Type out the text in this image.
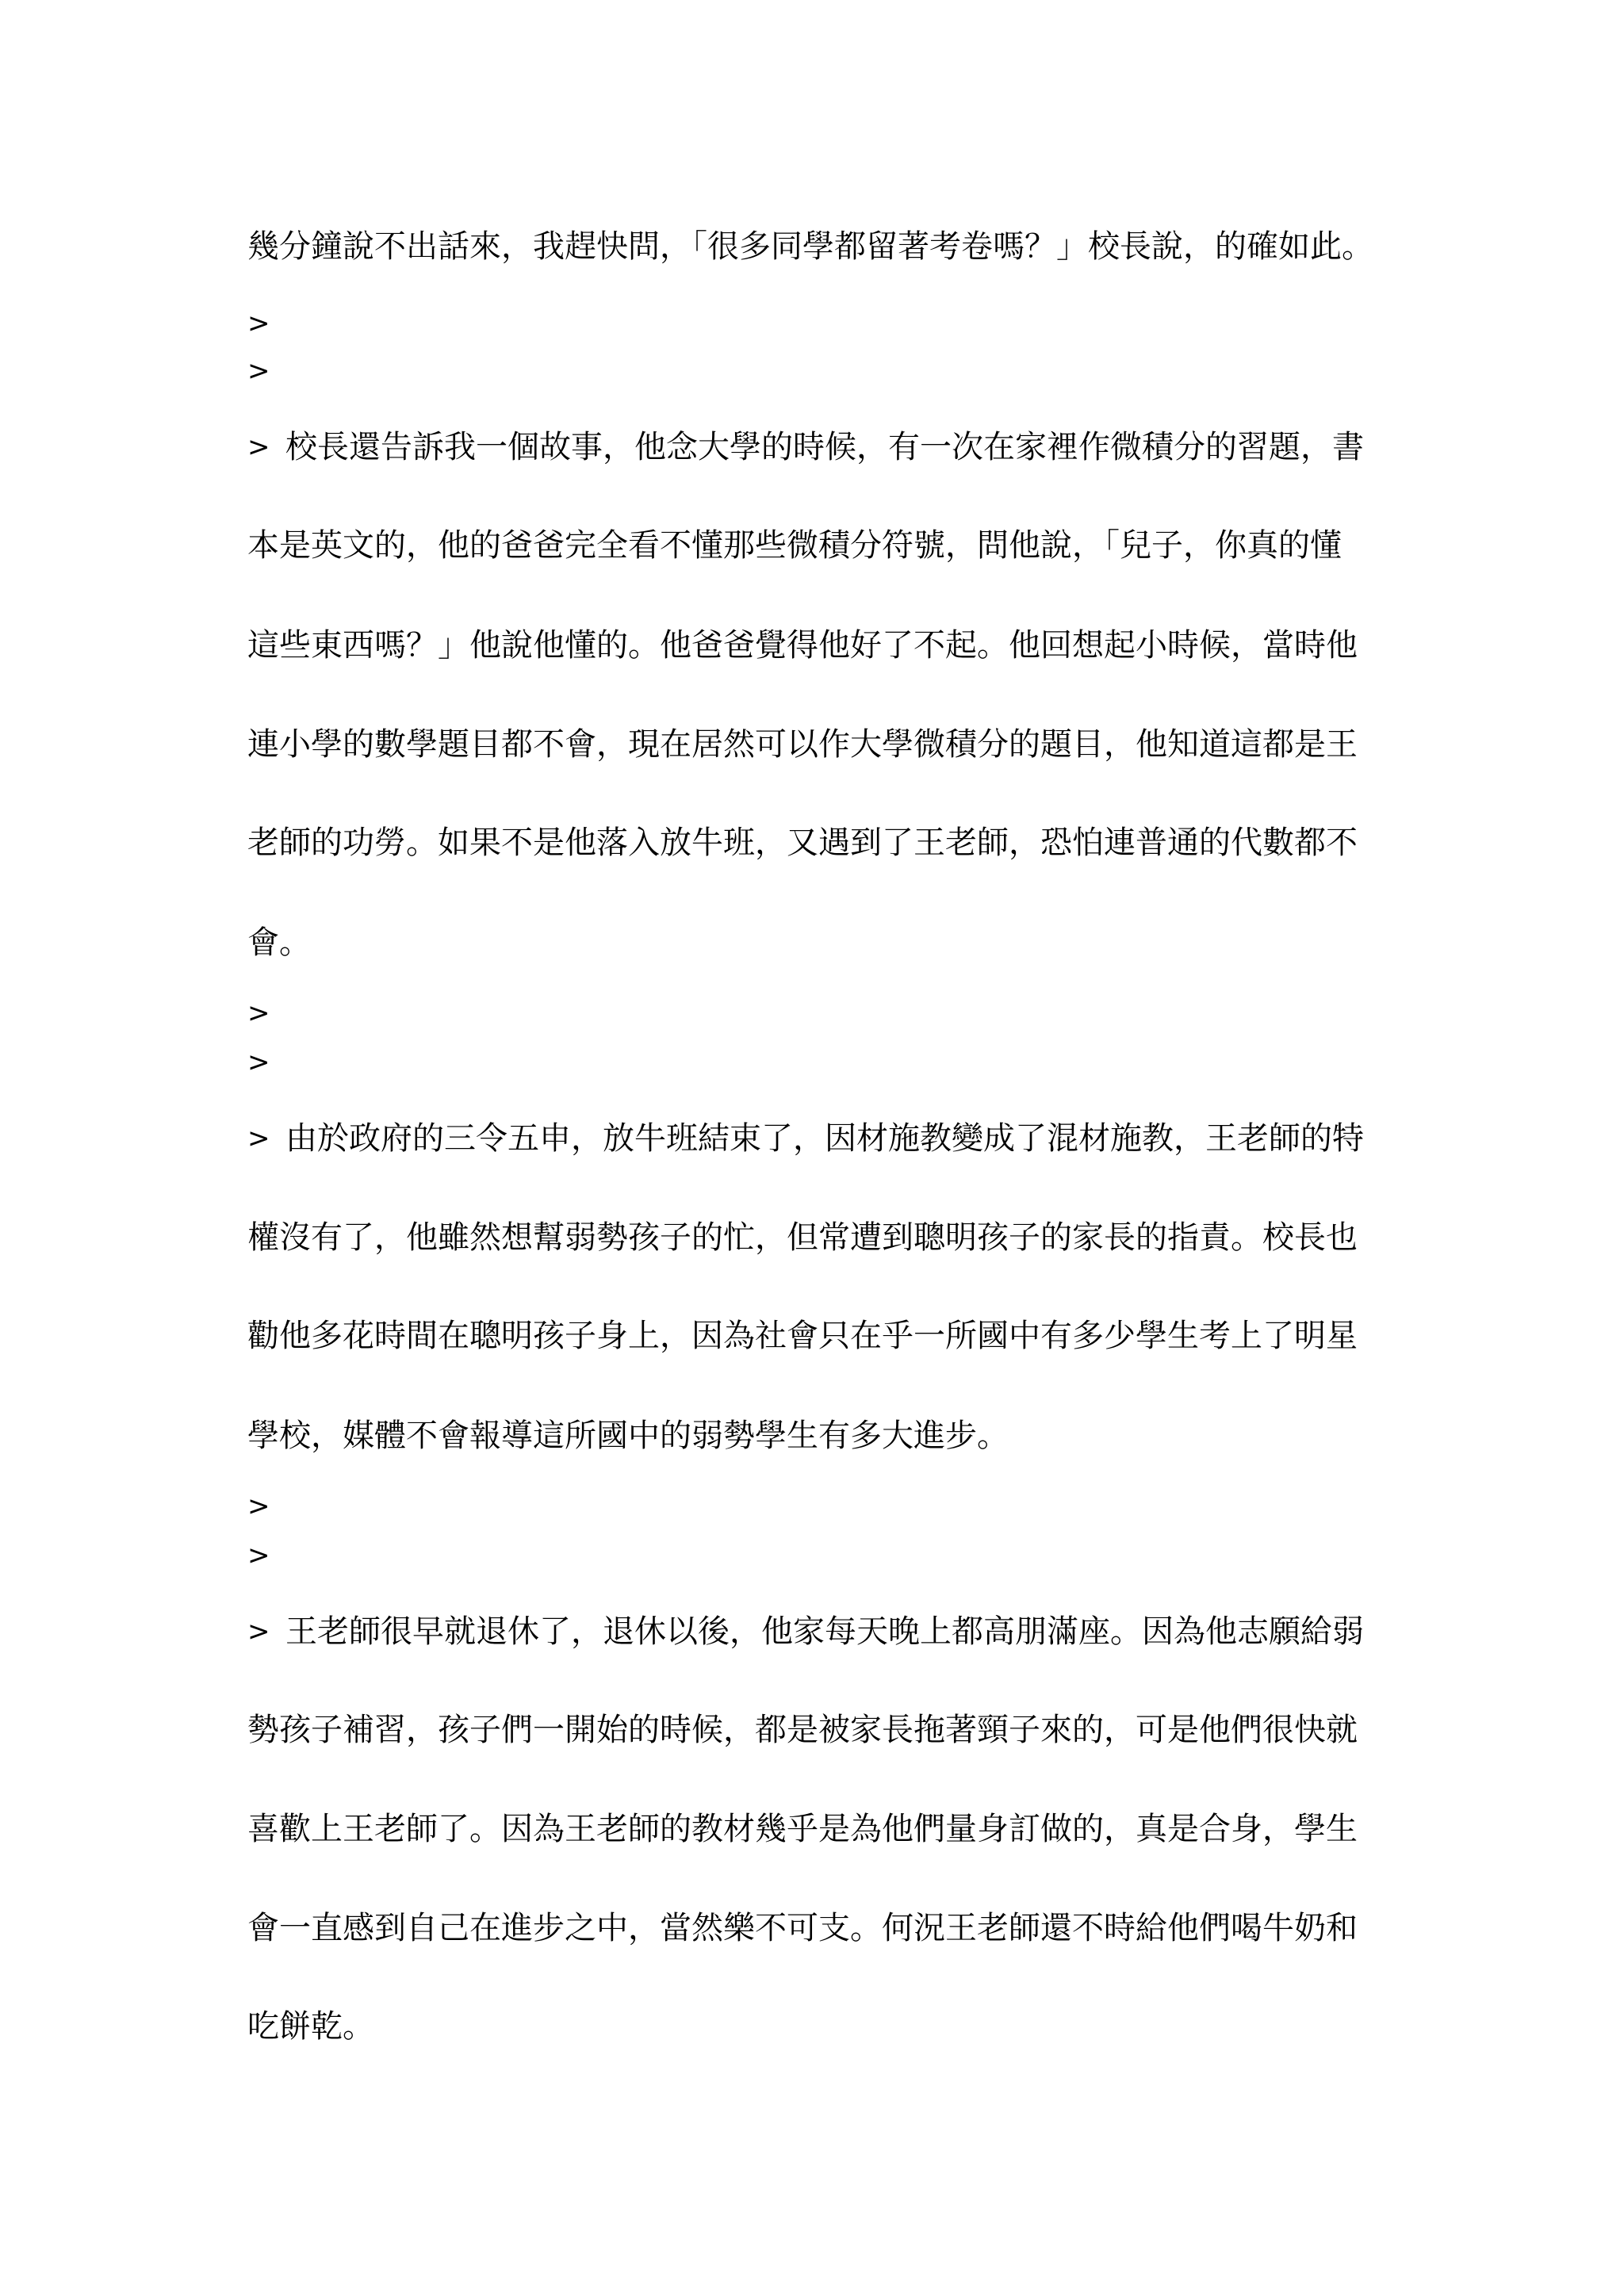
幾分鐘說不出話來，我趕快問，「很多同學都留著考卷嗎？」校長說，的確如此。
>
>
> 校長還告訴我一個故事，他念大學的時候，有一次在家裡作微積分的習題，書
本是英文的，他的爸爸完全看不懂那些微積分符號，問他說，「兒子，你真的懂
這些東西嗎？」他說他懂的。他爸爸覺得他好了不起。他回想起小時候，當時他
連小學的數學題目都不會，現在居然可以作大學微積分的題目，他知道這都是王
老師的功勞。如果不是他落入放牛班，又遇到了王老師，恐怕連普通的代數都不
會。
>
>
> 由於政府的三令五申，放牛班結束了，因材施教變成了混材施教，王老師的特
權沒有了，他雖然想幫弱勢孩子的忙，但常遭到聰明孩子的家長的指責。校長也
勸他多花時間在聰明孩子身上，因為社會只在乎一所國中有多少學生考上了明星
學校，媒體不會報導這所國中的弱勢學生有多大進步。
>
>
> 王老師很早就退休了，退休以後，他家每天晚上都高朋滿座。因為他志願給弱
勢孩子補習，孩子們一開始的時候，都是被家長拖著頸子來的，可是他們很快就
喜歡上王老師了。因為王老師的教材幾乎是為他們量身訂做的，真是合身，學生
會一直感到自己在進步之中，當然樂不可支。何況王老師還不時給他們喝牛奶和
吃餅乾。
